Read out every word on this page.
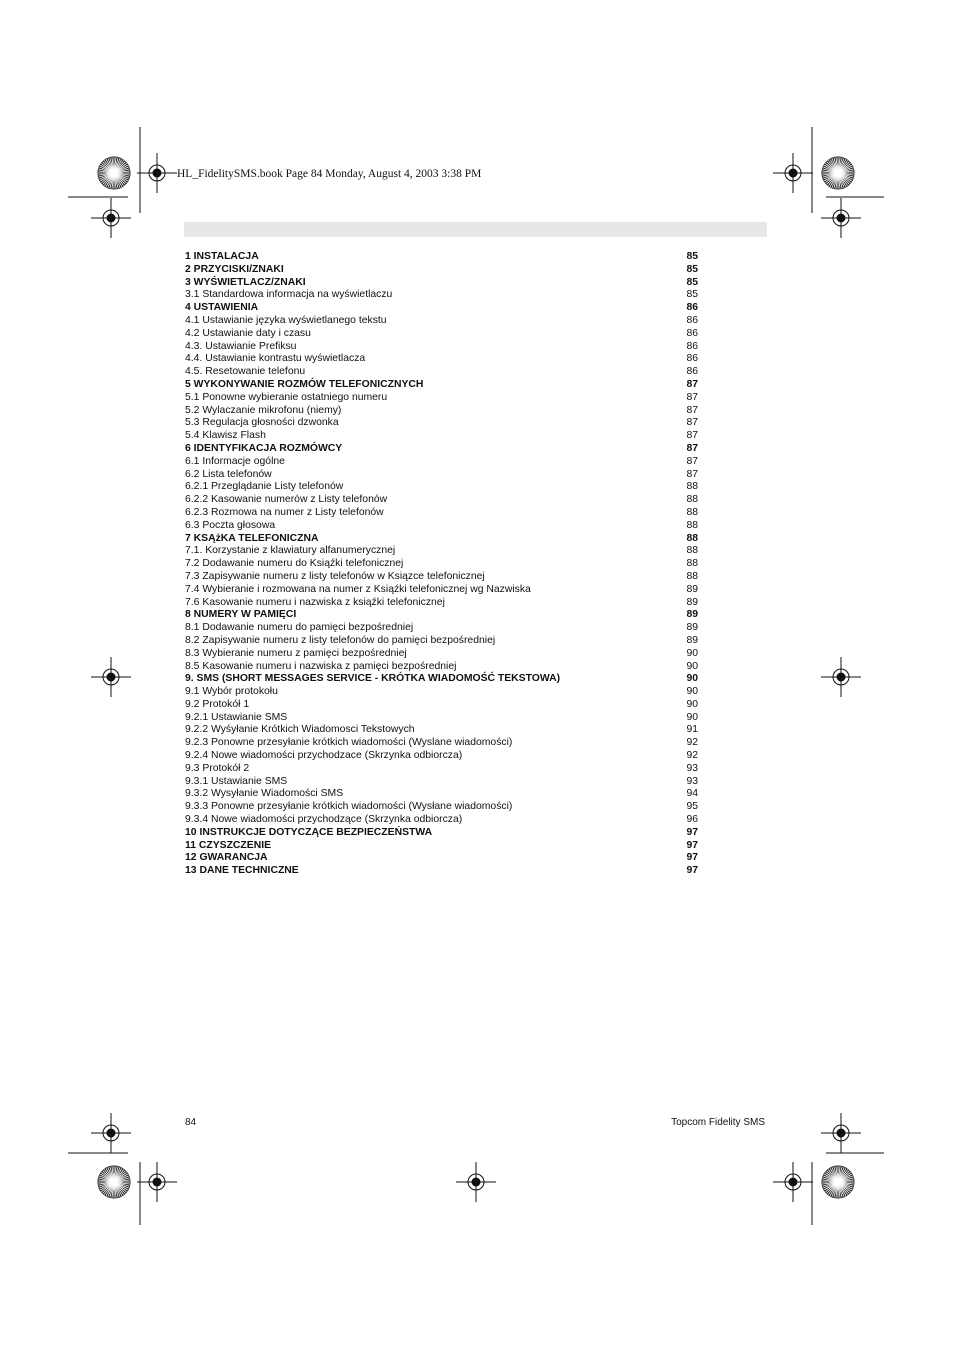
HL_FidelitySMS.book Page 84 Monday, August 4, 2003 3:38 PM
1 INSTALACJA	85
2 PRZYCISKI/ZNAKI	85
3 WYŚWIETLACZ/ZNAKI	85
3.1 Standardowa informacja na wyświetlaczu	85
4 USTAWIENIA	86
4.1 Ustawianie języka wyświetlanego tekstu	86
4.2 Ustawianie daty i czasu	86
4.3. Ustawianie Prefiksu	86
4.4. Ustawianie kontrastu wyświetlacza	86
4.5. Resetowanie telefonu	86
5 WYKONYWANIE ROZMÓW TELEFONICZNYCH	87
5.1 Ponowne wybieranie ostatniego numeru	87
5.2 Wylaczanie mikrofonu (niemy)	87
5.3 Regulacja głosności dzwonka	87
5.4 Klawisz Flash	87
6 IDENTYFIKACJA ROZMÓWCY	87
6.1 Informacje ogólne	87
6.2 Lista telefonów	87
6.2.1 Przeglądanie Listy telefonów	88
6.2.2 Kasowanie numerów z Listy telefonów	88
6.2.3 Rozmowa na numer z Listy telefonów	88
6.3 Poczta głosowa	88
7 KSĄżKA TELEFONICZNA	88
7.1. Korzystanie z klawiatury alfanumerycznej	88
7.2 Dodawanie numeru do Ksiąźki telefonicznej	88
7.3 Zapisywanie numeru z listy telefonów w Ksiązce telefonicznej	88
7.4 Wybieranie i rozmowana na numer z Ksiąźki telefonicznej wg Nazwiska	89
7.6 Kasowanie numeru i nazwiska z ksiąźki telefonicznej	89
8 NUMERY W PAMIĘCI	89
8.1 Dodawanie numeru do pamięci bezpośredniej	89
8.2 Zapisywanie numeru z listy telefonów do pamięci bezpośredniej	89
8.3 Wybieranie numeru z pamięci bezpośredniej	90
8.5 Kasowanie numeru i nazwiska z pamięci bezpośredniej	90
9. SMS (SHORT MESSAGES SERVICE - KRÓTKA WIADOMOŚĆ TEKSTOWA)	90
9.1 Wybór protokołu	90
9.2 Protokół 1	90
9.2.1 Ustawianie SMS	90
9.2.2 Wyśyłanie Krótkich Wiadomosci Tekstowych	91
9.2.3 Ponowne przesyłanie krótkich wiadomości (Wyslane wiadomości)	92
9.2.4 Nowe wiadomości przychodzace (Skrzynka odbiorcza)	92
9.3 Protokół 2	93
9.3.1 Ustawianie SMS	93
9.3.2 Wysyłanie Wiadomości SMS	94
9.3.3 Ponowne przesyłanie krótkich wiadomości (Wysłane wiadomości)	95
9.3.4 Nowe wiadomości przychodzące (Skrzynka odbiorcza)	96
10 INSTRUKCJE DOTYCZĄCE BEZPIECZEŃSTWA	97
11 CZYSZCZENIE	97
12 GWARANCJA	97
13 DANE TECHNICZNE	97
84	Topcom Fidelity SMS
